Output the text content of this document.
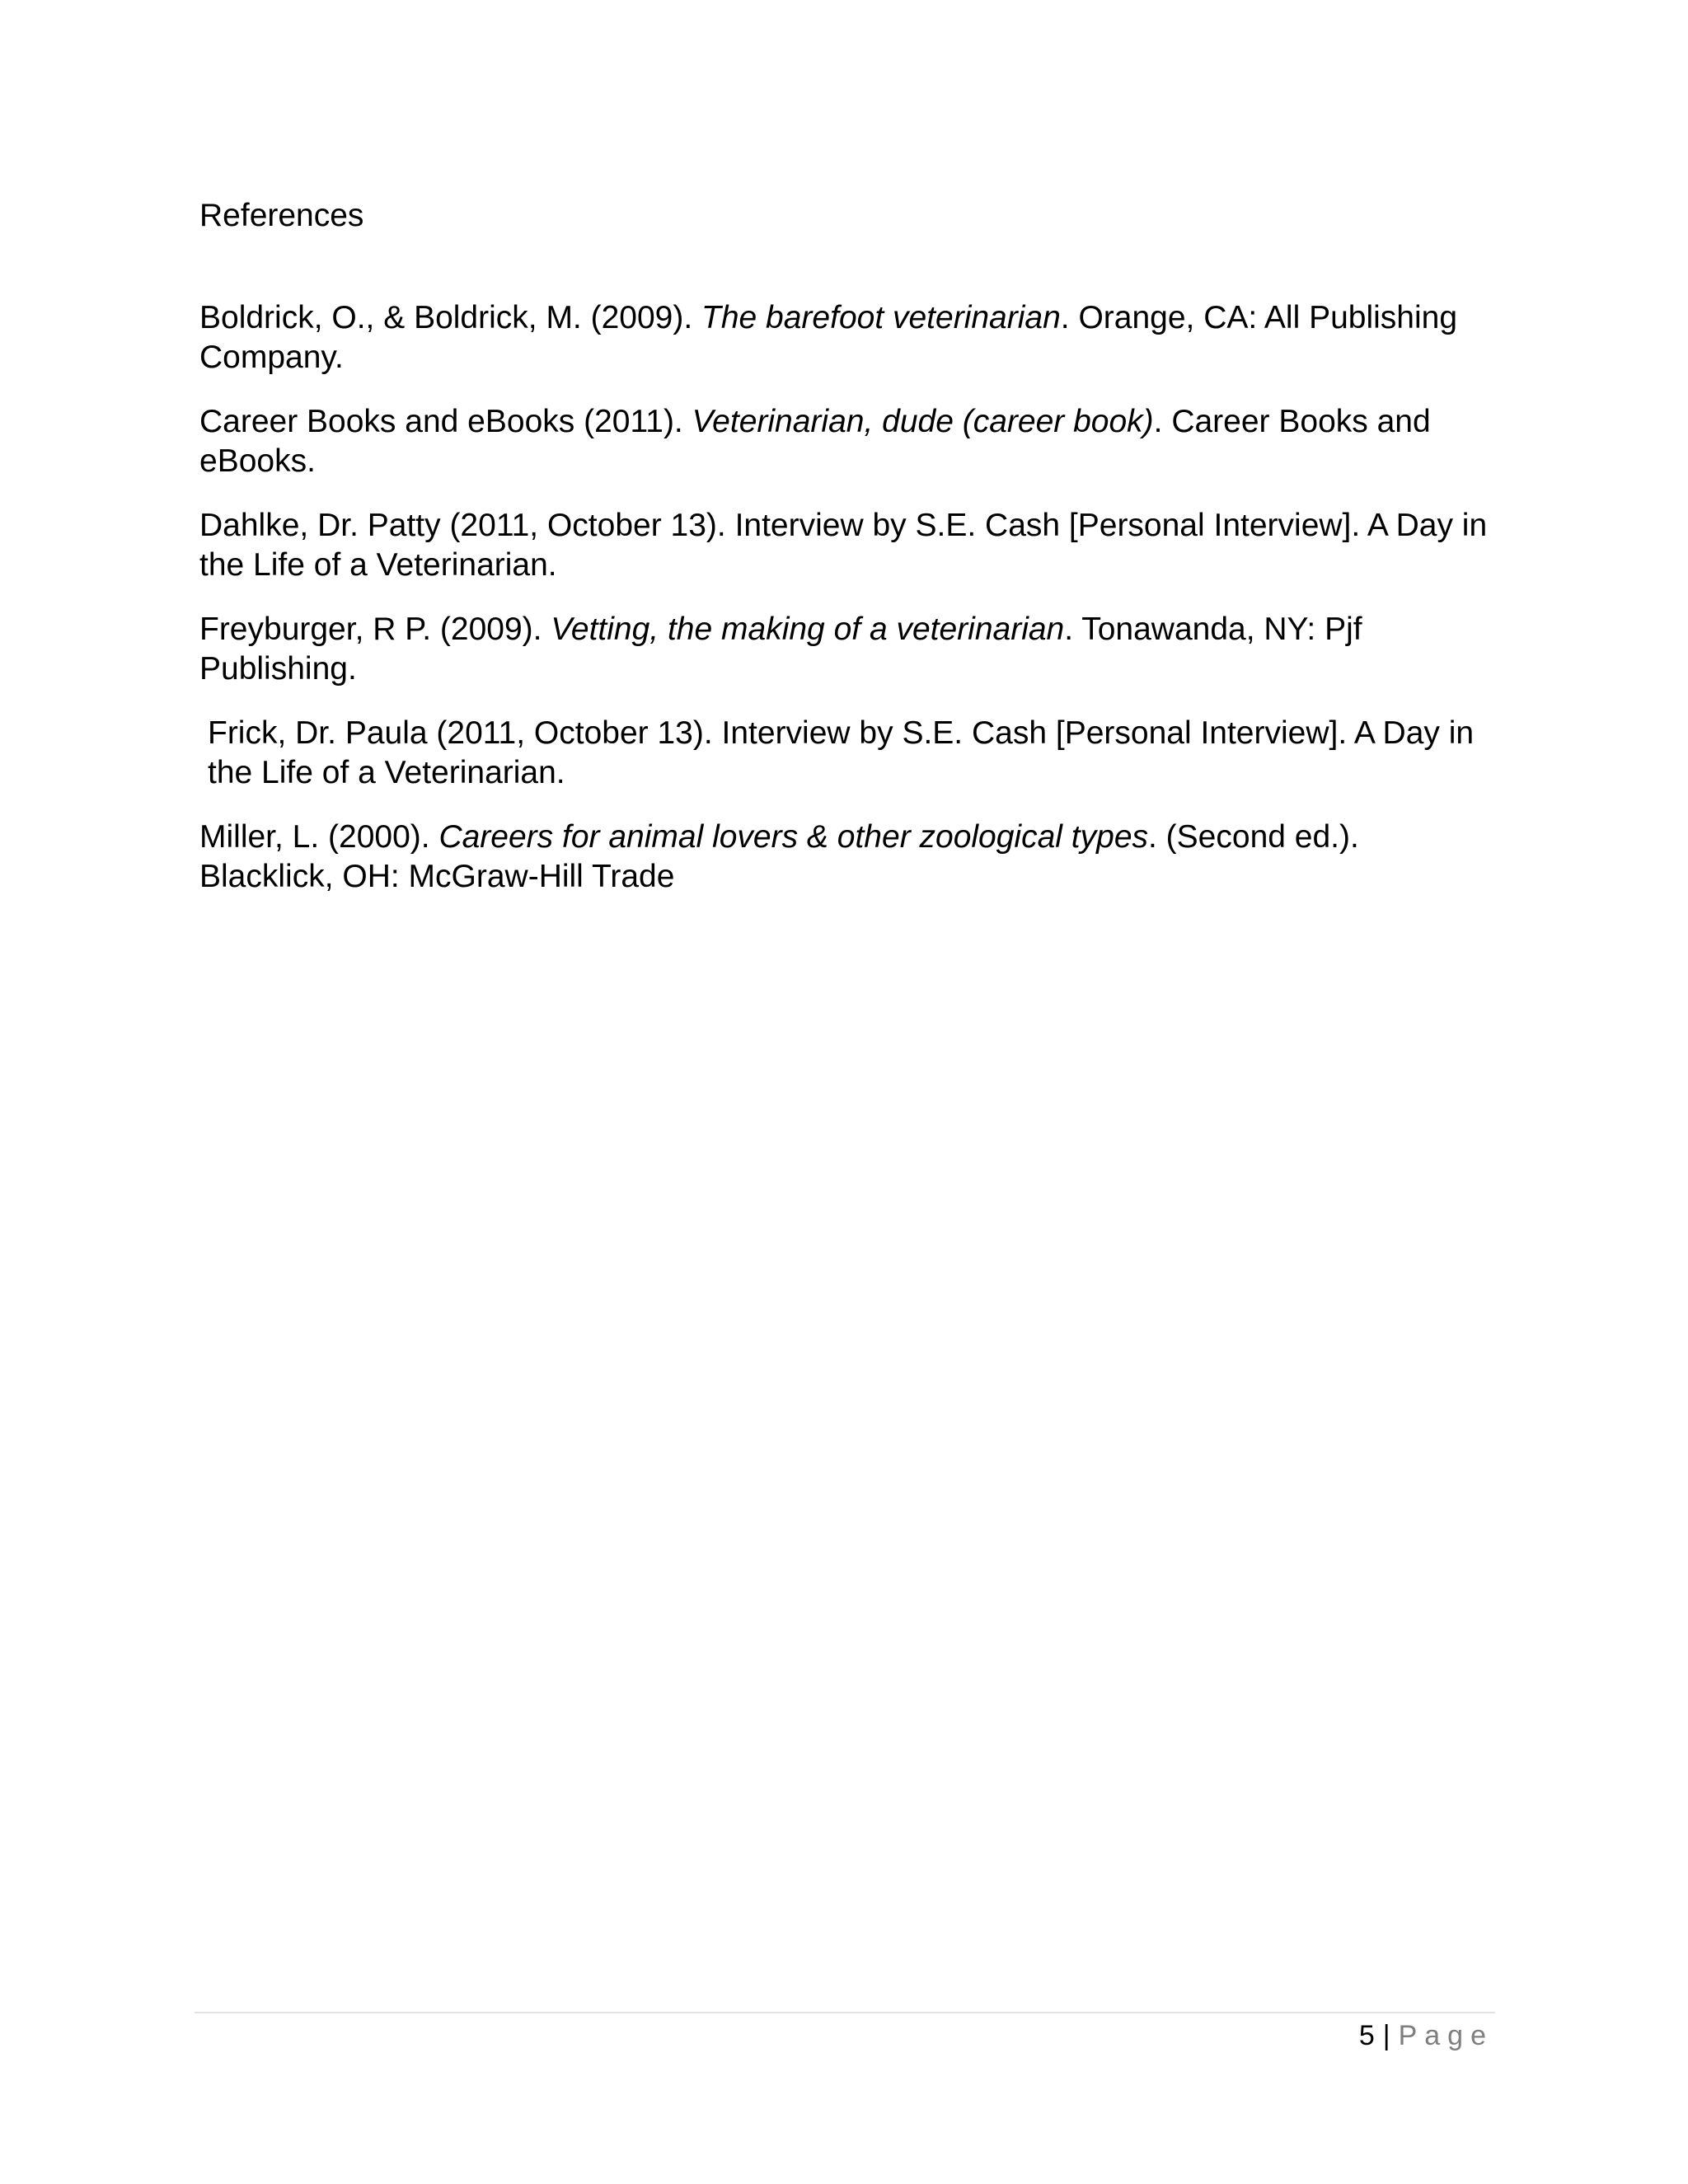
References
Boldrick, O., & Boldrick, M. (2009). The barefoot veterinarian. Orange, CA: All Publishing Company.
Career Books and eBooks (2011). Veterinarian, dude (career book). Career Books and eBooks.
Dahlke, Dr. Patty (2011, October 13). Interview by S.E. Cash [Personal Interview]. A Day in the Life of a Veterinarian.
Freyburger, R P. (2009). Vetting, the making of a veterinarian. Tonawanda, NY: Pjf Publishing.
Frick, Dr. Paula (2011, October 13). Interview by S.E. Cash [Personal Interview]. A Day in the Life of a Veterinarian.
Miller, L. (2000). Careers for animal lovers & other zoological types. (Second ed.). Blacklick, OH: McGraw-Hill Trade
5 | Page
